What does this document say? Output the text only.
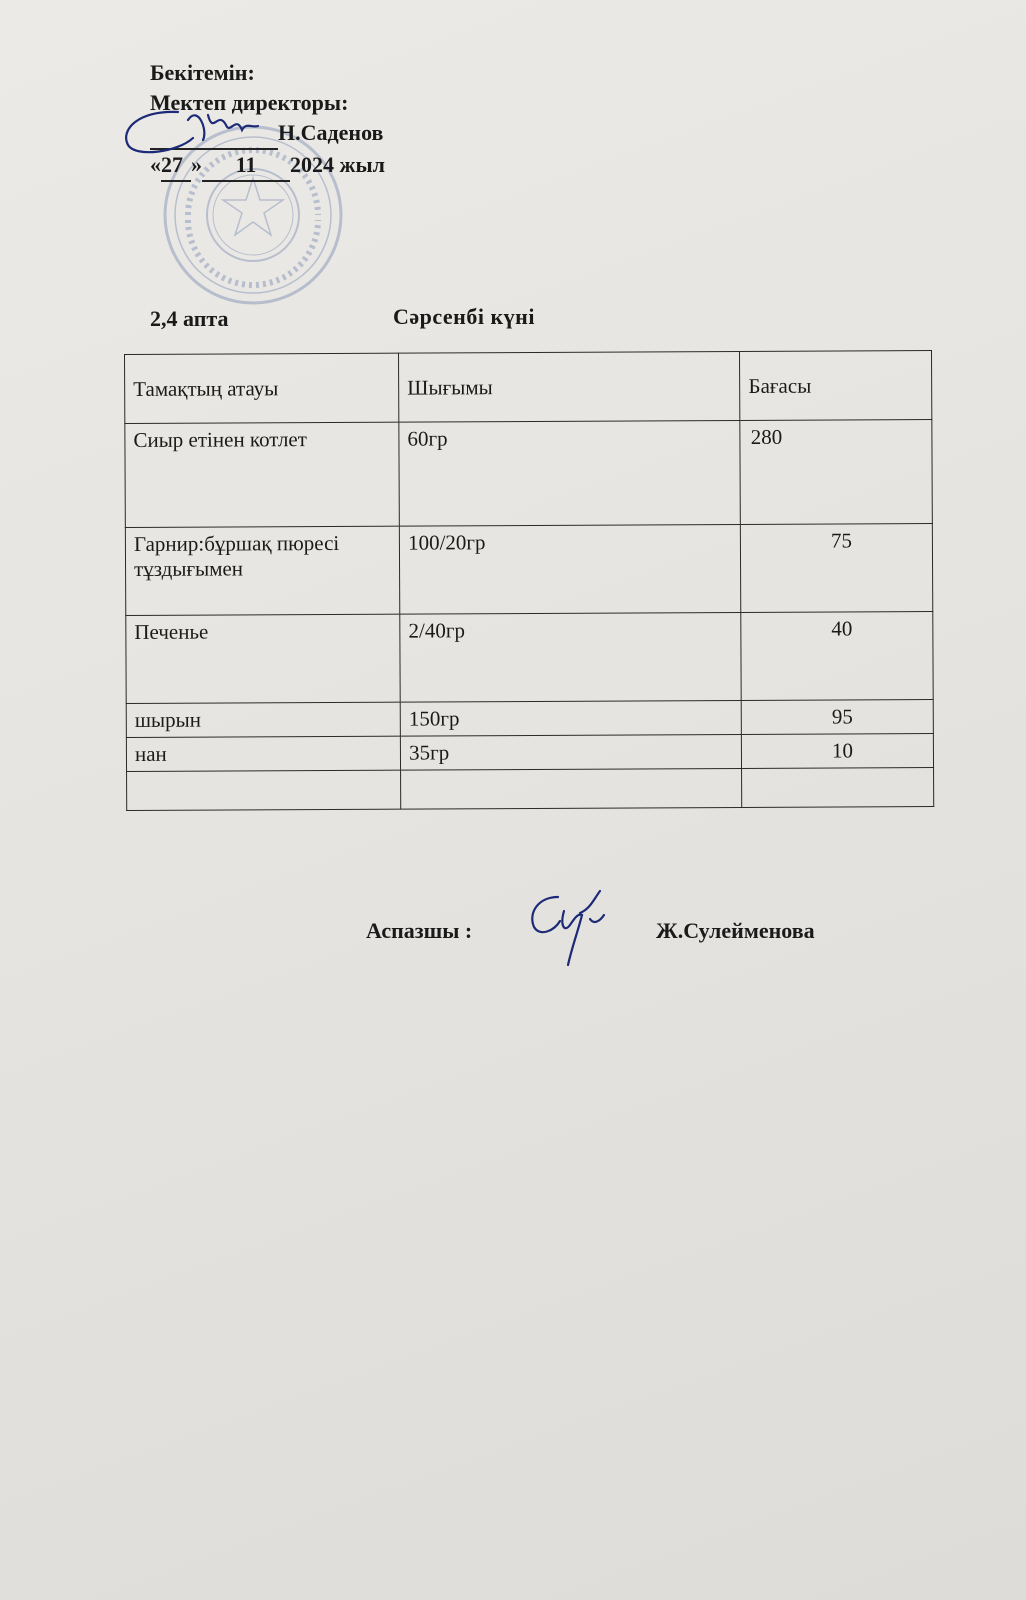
Бекітемін:
Мектеп директоры:
Н.Саденов
«27 » 11 2024 жыл
2,4 апта	Сәрсенбі күні
Тамақтың атауы	Шығымы	Бағасы
Сиыр етінен котлет	60гр	280
Гарнир:бұршақ пюресі тұздығымен	100/20гр	75
Печенье	2/40гр	40
шырын	150гр	95
нан	35гр	10

Аспазшы :	Ж.Сулейменова
